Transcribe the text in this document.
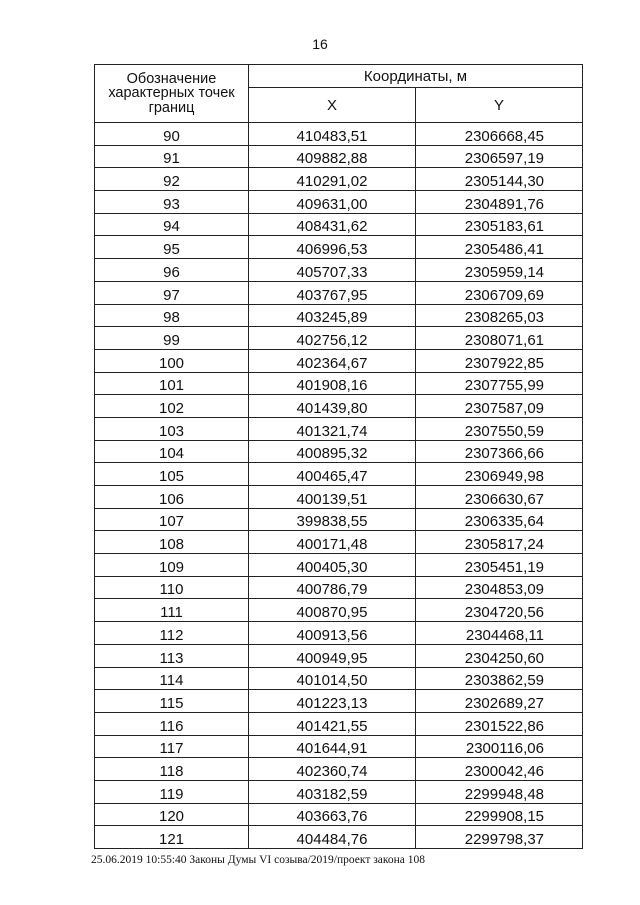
16
Обозначение характерных точек границ	Координаты, м	
	X	Y
90	410483,51	2306668,45
91	409882,88	2306597,19
92	410291,02	2305144,30
93	409631,00	2304891,76
94	408431,62	2305183,61
95	406996,53	2305486,41
96	405707,33	2305959,14
97	403767,95	2306709,69
98	403245,89	2308265,03
99	402756,12	2308071,61
100	402364,67	2307922,85
101	401908,16	2307755,99
102	401439,80	2307587,09
103	401321,74	2307550,59
104	400895,32	2307366,66
105	400465,47	2306949,98
106	400139,51	2306630,67
107	399838,55	2306335,64
108	400171,48	2305817,24
109	400405,30	2305451,19
110	400786,79	2304853,09
111	400870,95	2304720,56
112	400913,56	2304468,11
113	400949,95	2304250,60
114	401014,50	2303862,59
115	401223,13	2302689,27
116	401421,55	2301522,86
117	401644,91	2300116,06
118	402360,74	2300042,46
119	403182,59	2299948,48
120	403663,76	2299908,15
121	404484,76	2299798,37
25.06.2019 10:55:40 Законы Думы VI созыва/2019/проект закона 108
